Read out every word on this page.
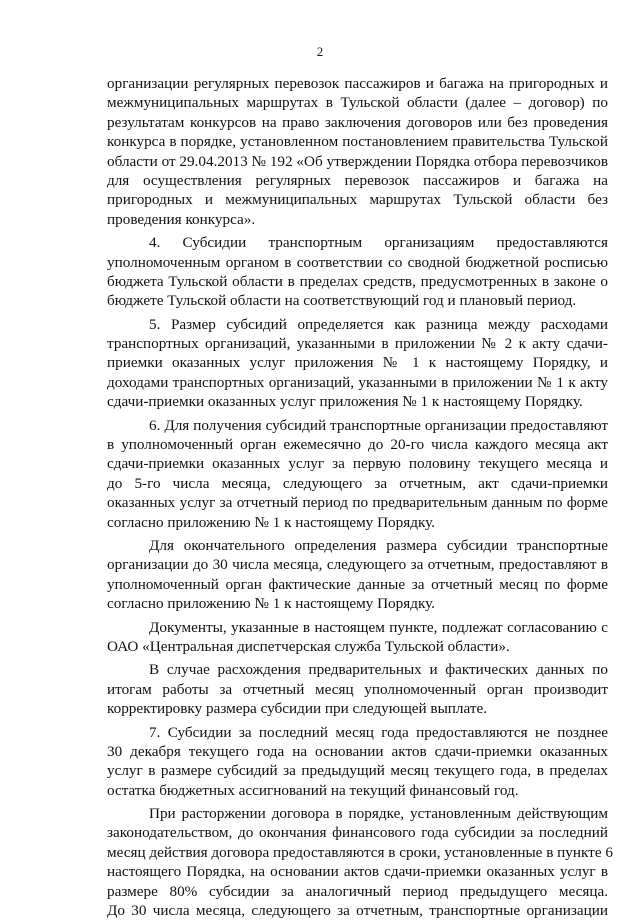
2
организации регулярных перевозок пассажиров и багажа на пригородных и
межмуниципальных маршрутах в Тульской области (далее – договор) по
результатам конкурсов на право заключения договоров или без проведения
конкурса в порядке, установленном постановлением правительства Тульской
области от 29.04.2013 № 192 «Об утверждении Порядка отбора перевозчиков
для осуществления регулярных перевозок пассажиров и багажа на
пригородных и межмуниципальных маршрутах Тульской области без
проведения конкурса».
4. Субсидии транспортным организациям предоставляются
уполномоченным органом в соответствии со сводной бюджетной росписью
бюджета Тульской области в пределах средств, предусмотренных в законе о
бюджете Тульской области на соответствующий год и плановый период.
5. Размер субсидий определяется как разница между расходами
транспортных организаций, указанными в приложении № 2 к акту сдачи-
приемки оказанных услуг приложения № 1 к настоящему Порядку, и
доходами транспортных организаций, указанными в приложении № 1 к акту
сдачи-приемки оказанных услуг приложения № 1 к настоящему Порядку.
6. Для получения субсидий транспортные организации предоставляют
в уполномоченный орган ежемесячно до 20-го числа каждого месяца акт
сдачи-приемки оказанных услуг за первую половину текущего месяца и
до 5-го числа месяца, следующего за отчетным, акт сдачи-приемки
оказанных услуг за отчетный период по предварительным данным по форме
согласно приложению № 1 к настоящему Порядку.
Для окончательного определения размера субсидии транспортные
организации до 30 числа месяца, следующего за отчетным, предоставляют в
уполномоченный орган фактические данные за отчетный месяц по форме
согласно приложению № 1 к настоящему Порядку.
Документы, указанные в настоящем пункте, подлежат согласованию с
ОАО «Центральная диспетчерская служба Тульской области».
В случае расхождения предварительных и фактических данных по
итогам работы за отчетный месяц уполномоченный орган производит
корректировку размера субсидии при следующей выплате.
7. Субсидии за последний месяц года предоставляются не позднее
30 декабря текущего года на основании актов сдачи-приемки оказанных
услуг в размере субсидий за предыдущий месяц текущего года, в пределах
остатка бюджетных ассигнований на текущий финансовый год.
При расторжении договора в порядке, установленным действующим
законодательством, до окончания финансового года субсидии за последний
месяц действия договора предоставляются в сроки, установленные в пункте 6
настоящего Порядка, на основании актов сдачи-приемки оказанных услуг в
размере 80% субсидии за аналогичный период предыдущего месяца.
До 30 числа месяца, следующего за отчетным, транспортные организации
